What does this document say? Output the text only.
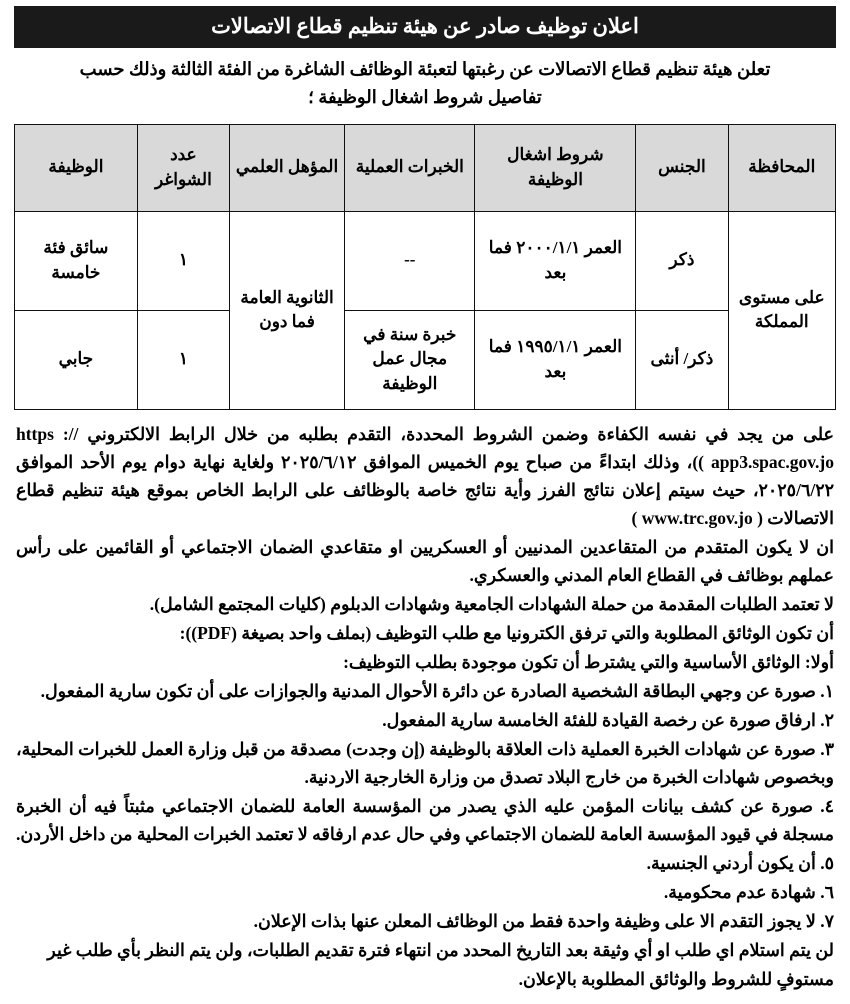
اعلان توظيف صادر عن هيئة تنظيم قطاع الاتصالات
تعلن هيئة تنظيم قطاع الاتصالات عن رغبتها لتعبئة الوظائف الشاغرة من الفئة الثالثة وذلك حسب
تفاصيل شروط اشغال الوظيفة ؛
المحافظة	الجنس	شروط اشغال الوظيفة	الخبرات العملية	المؤهل العلمي	عدد الشواغر	الوظيفة
على مستوى المملكة	ذكر	العمر ٢٠٠٠/١/١ فما بعد	--	الثانوية العامة فما دون	١	سائق فئة خامسة
	ذكر/ أنثى	العمر ١٩٩٥/١/١ فما بعد	خبرة سنة في مجال عمل الوظيفة		١	جابي

على من يجد في نفسه الكفاءة وضمن الشروط المحددة، التقدم بطلبه من خلال الرابط الالكتروني //: https app3.spac.gov.jo ))، وذلك ابتداءً من صباح يوم الخميس الموافق ٢٠٢٥/٦/١٢ ولغاية نهاية دوام يوم الأحد الموافق ٢٠٢٥/٦/٢٢، حيث سيتم إعلان نتائج الفرز وأية نتائج خاصة بالوظائف على الرابط الخاص بموقع هيئة تنظيم قطاع الاتصالات ( www.trc.gov.jo )

ان لا يكون المتقدم من المتقاعدين المدنيين أو العسكريين او متقاعدي الضمان الاجتماعي أو القائمين على رأس عملهم بوظائف في القطاع العام المدني والعسكري.

لا تعتمد الطلبات المقدمة من حملة الشهادات الجامعية وشهادات الدبلوم (كليات المجتمع الشامل).

أن تكون الوثائق المطلوبة والتي ترفق الكترونيا مع طلب التوظيف (بملف واحد بصيغة (PDF)):

أولا: الوثائق الأساسية والتي يشترط أن تكون موجودة بطلب التوظيف:

١. صورة عن وجهي البطاقة الشخصية الصادرة عن دائرة الأحوال المدنية والجوازات على أن تكون سارية المفعول.

٢. ارفاق صورة عن رخصة القيادة للفئة الخامسة سارية المفعول.

٣. صورة عن شهادات الخبرة العملية ذات العلاقة بالوظيفة (إن وجدت) مصدقة من قبل وزارة العمل للخبرات المحلية، وبخصوص شهادات الخبرة من خارج البلاد تصدق من وزارة الخارجية الاردنية.

٤. صورة عن كشف بيانات المؤمن عليه الذي يصدر من المؤسسة العامة للضمان الاجتماعي مثبتاً فيه أن الخبرة مسجلة في قيود المؤسسة العامة للضمان الاجتماعي وفي حال عدم ارفاقه لا تعتمد الخبرات المحلية من داخل الأردن.

٥. أن يكون أردني الجنسية.

٦. شهادة عدم محكومية.

٧. لا يجوز التقدم الا على وظيفة واحدة فقط من الوظائف المعلن عنها بذات الإعلان.

لن يتم استلام اي طلب او أي وثيقة بعد التاريخ المحدد من انتهاء فترة تقديم الطلبات، ولن يتم النظر بأي طلب غير

مستوفٍ للشروط والوثائق المطلوبة بالإعلان.
